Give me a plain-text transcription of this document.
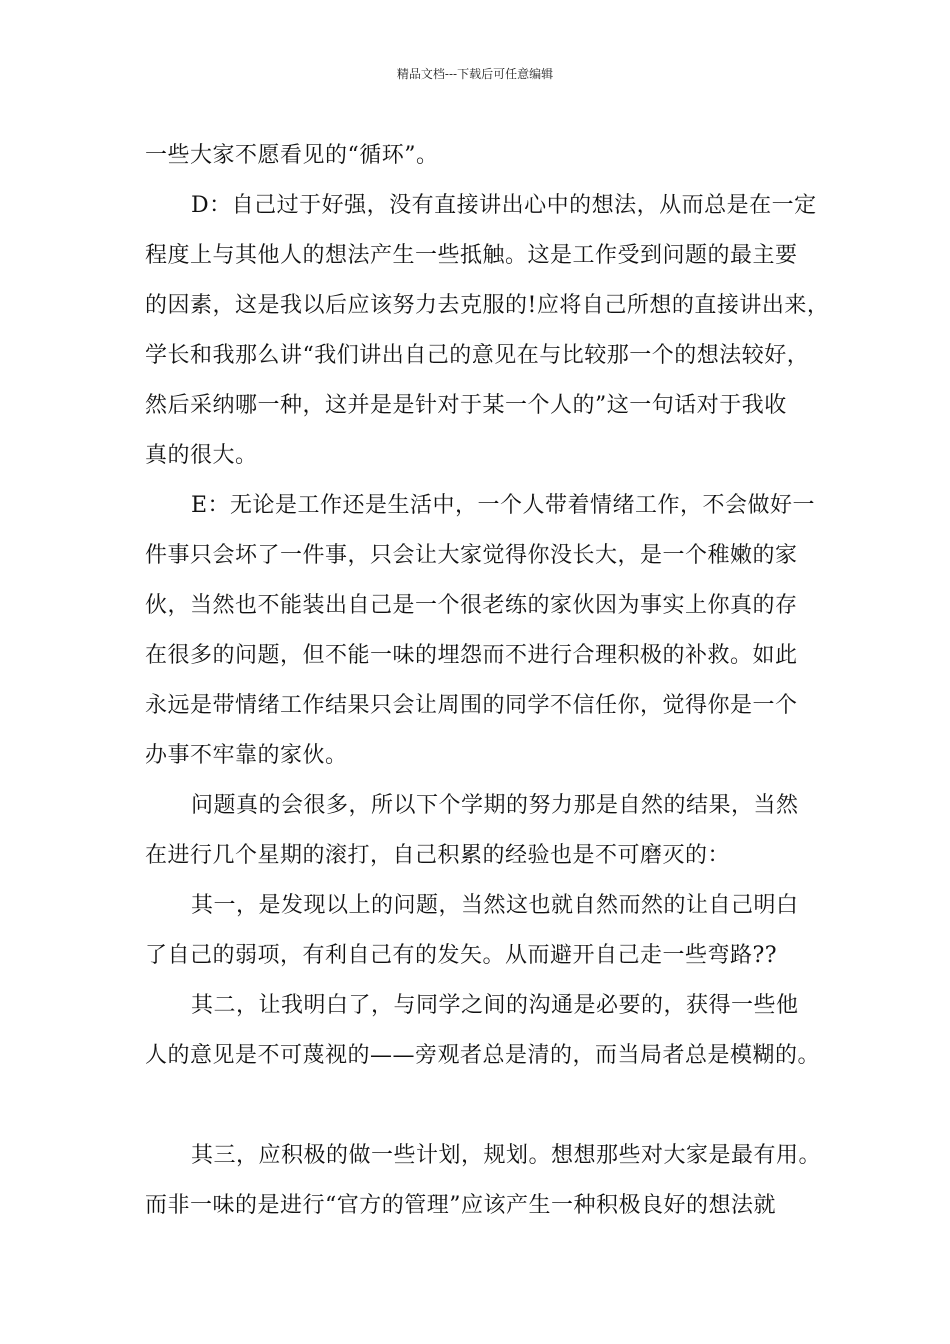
精品文档---下载后可任意编辑
一些大家不愿看见的“循环”。
D：自己过于好强，没有直接讲出心中的想法，从而总是在一定
程度上与其他人的想法产生一些抵触。这是工作受到问题的最主要
的因素，这是我以后应该努力去克服的!应将自己所想的直接讲出来，
学长和我那么讲“我们讲出自己的意见在与比较那一个的想法较好，
然后采纳哪一种，这并是是针对于某一个人的”这一句话对于我收
真的很大。
E：无论是工作还是生活中，一个人带着情绪工作，不会做好一
件事只会坏了一件事，只会让大家觉得你没长大，是一个稚嫩的家
伙，当然也不能装出自己是一个很老练的家伙因为事实上你真的存
在很多的问题，但不能一味的埋怨而不进行合理积极的补救。如此
永远是带情绪工作结果只会让周围的同学不信任你，觉得你是一个
办事不牢靠的家伙。
问题真的会很多，所以下个学期的努力那是自然的结果，当然
在进行几个星期的滚打，自己积累的经验也是不可磨灭的：
其一，是发现以上的问题，当然这也就自然而然的让自己明白
了自己的弱项，有利自己有的发矢。从而避开自己走一些弯路??
其二，让我明白了，与同学之间的沟通是必要的，获得一些他
人的意见是不可蔑视的——旁观者总是清的，而当局者总是模糊的。
其三，应积极的做一些计划，规划。想想那些对大家是最有用。
而非一味的是进行“官方的管理”应该产生一种积极良好的想法就
